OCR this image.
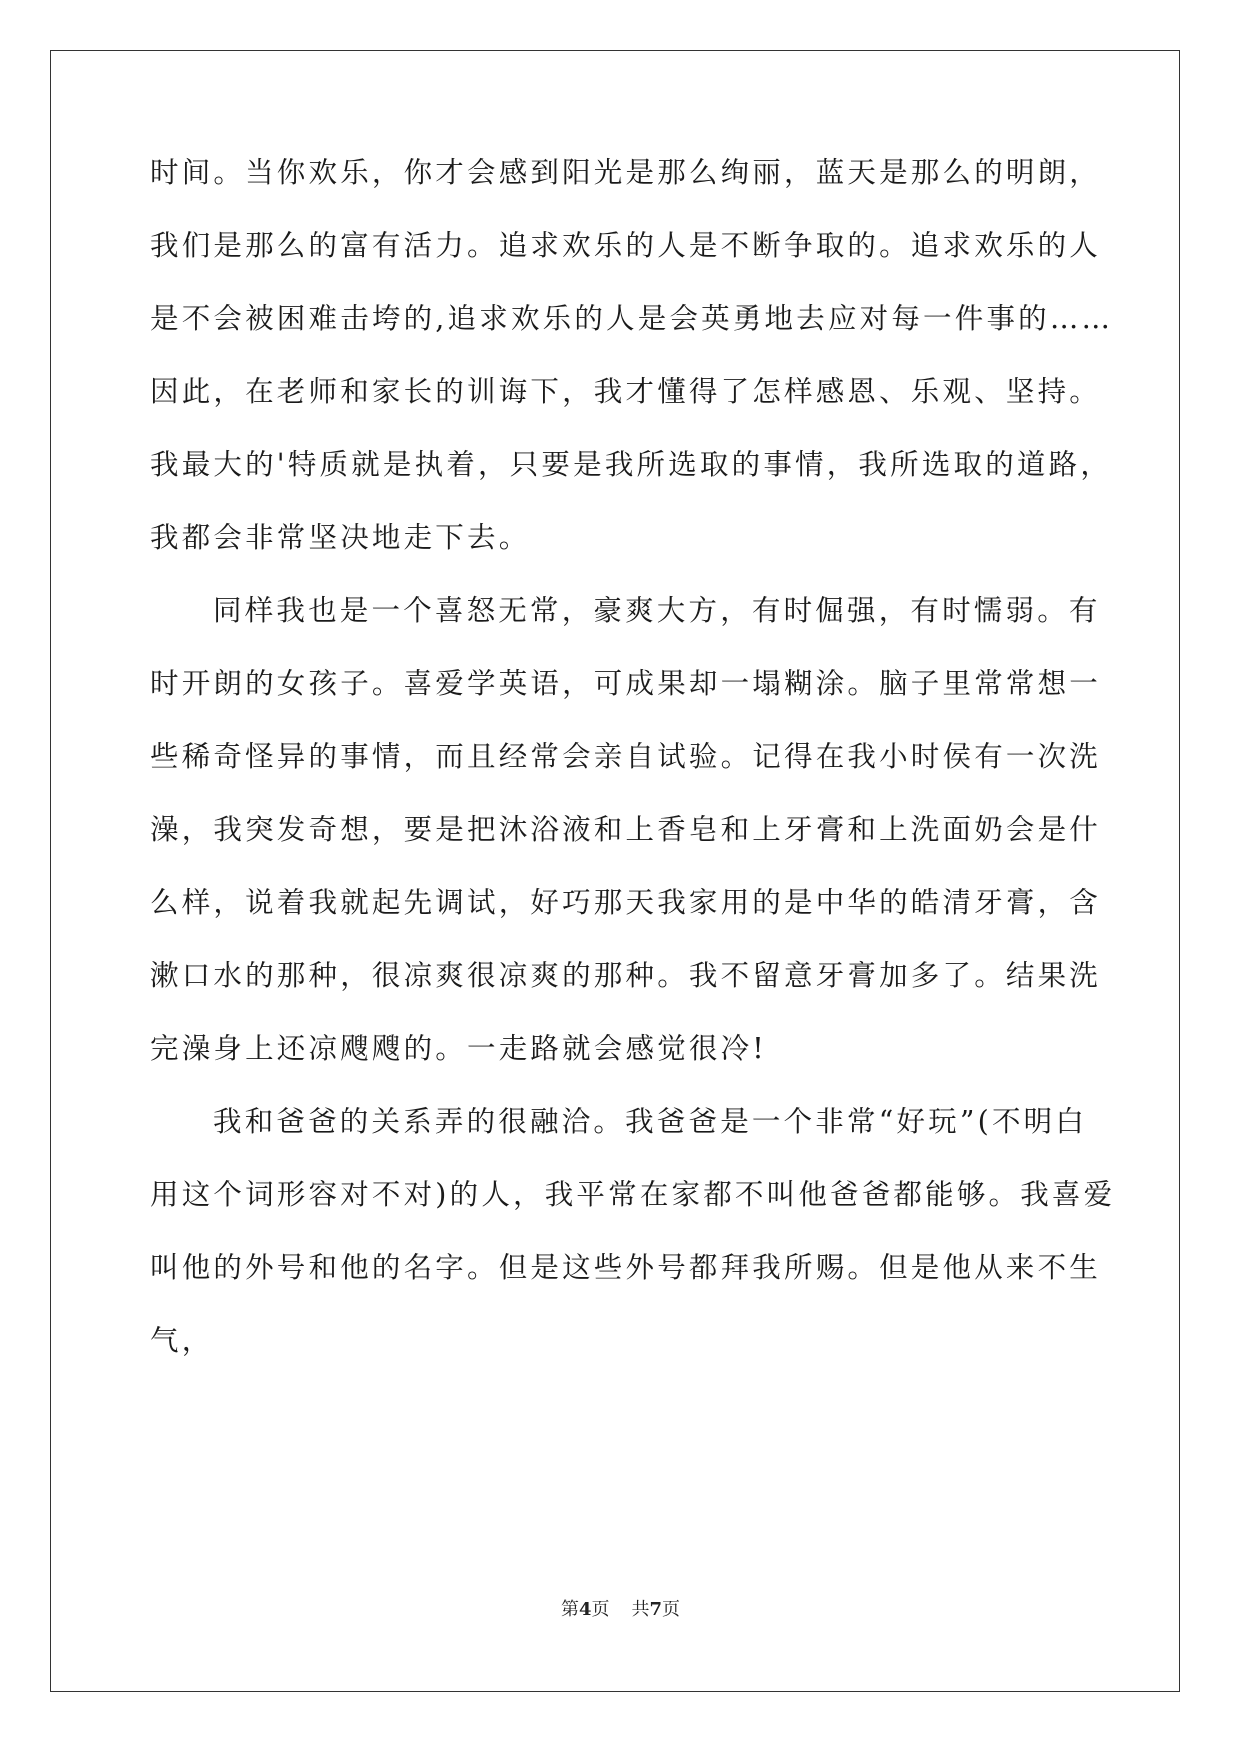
时间。当你欢乐，你才会感到阳光是那么绚丽，蓝天是那么的明朗，
我们是那么的富有活力。追求欢乐的人是不断争取的。追求欢乐的人
是不会被困难击垮的,追求欢乐的人是会英勇地去应对每一件事的……
因此，在老师和家长的训诲下，我才懂得了怎样感恩、乐观、坚持。
我最大的'特质就是执着，只要是我所选取的事情，我所选取的道路，
我都会非常坚决地走下去。
同样我也是一个喜怒无常，豪爽大方，有时倔强，有时懦弱。有
时开朗的女孩子。喜爱学英语，可成果却一塌糊涂。脑子里常常想一
些稀奇怪异的事情，而且经常会亲自试验。记得在我小时侯有一次洗
澡，我突发奇想，要是把沐浴液和上香皂和上牙膏和上洗面奶会是什
么样，说着我就起先调试，好巧那天我家用的是中华的皓清牙膏，含
漱口水的那种，很凉爽很凉爽的那种。我不留意牙膏加多了。结果洗
完澡身上还凉飕飕的。一走路就会感觉很冷!
我和爸爸的关系弄的很融洽。我爸爸是一个非常“好玩”(不明白
用这个词形容对不对)的人，我平常在家都不叫他爸爸都能够。我喜爱
叫他的外号和他的名字。但是这些外号都拜我所赐。但是他从来不生
气，
第4页 共7页
